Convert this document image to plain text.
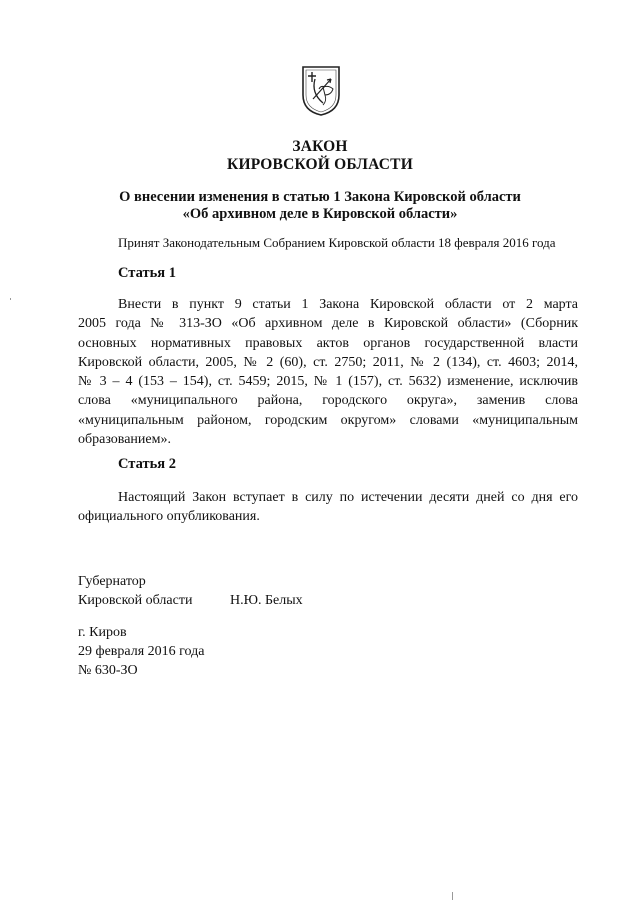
ЗАКОН
КИРОВСКОЙ ОБЛАСТИ
О внесении изменения в статью 1 Закона Кировской области
«Об архивном деле в Кировской области»
Принят Законодательным Собранием Кировской области 18 февраля 2016 года
Статья 1
Внести в пункт 9 статьи 1 Закона Кировской области от 2 марта
2005 года № 313-ЗО «Об архивном деле в Кировской области» (Сборник
основных нормативных правовых актов органов государственной власти
Кировской области, 2005, № 2 (60), ст. 2750; 2011, № 2 (134), ст. 4603; 2014,
№ 3 – 4 (153 – 154), ст. 5459; 2015, № 1 (157), ст. 5632) изменение, исключив
слова «муниципального района, городского округа», заменив слова
«муниципальным районом, городским округом» словами «муниципальным
образованием».
Статья 2
Настоящий Закон вступает в силу по истечении десяти дней со дня его
официального опубликования.
Губернатор
Кировской области	Н.Ю. Белых
г. Киров
29 февраля 2016 года
№ 630-ЗО
